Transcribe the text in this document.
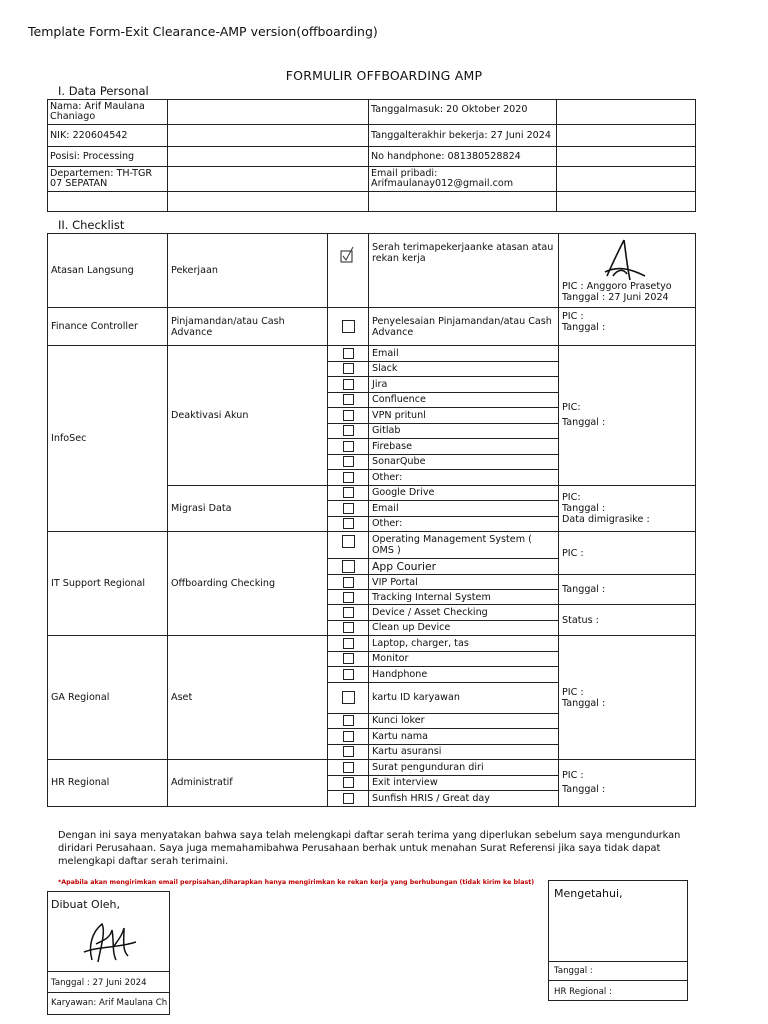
Template Form-Exit Clearance-AMP version(offboarding)
FORMULIR OFFBOARDING AMP
I. Data Personal
Nama: Arif Maulana Chaniago		Tanggalmasuk: 20 Oktober 2020	
NIK: 220604542		Tanggalterakhir bekerja: 27 Juni 2024	
Posisi: Processing		No handphone: 081380528824	
Departemen: TH-TGR 07 SEPATAN		Email pribadi: Arifmaulanay012@gmail.com	

II. Checklist
Atasan Langsung	Pekerjaan		Serah terimapekerjaanke atasan atau rekan kerja	PIC : Anggoro Prasetyo
Tanggal : 27 Juni 2024

Finance Controller	Pinjamandan/atau Cash Advance		Penyelesaian Pinjamandan/atau Cash Advance	PIC :
Tanggal :

InfoSec	Deaktivasi Akun		Email	PIC:
Tanggal :

			Slack	

			Jira	

			Confluence	

			VPN pritunl	

			Gitlab	

			Firebase	

			SonarQube	

			Other:	
	Migrasi Data		Google Drive	PIC:
Tanggal :
Data dimigrasike :

			Email	

			Other:	
IT Support Regional	Offboarding Checking		Operating Management System ( OMS )	PIC :

			App Courier	

			VIP Portal	Tanggal :

			Tracking Internal System	

			Device / Asset Checking	Status :

			Clean up Device	
GA Regional	Aset		Laptop, charger, tas	PIC :
Tanggal :

			Monitor	

			Handphone	

			kartu ID karyawan	

			Kunci loker	

			Kartu nama	

			Kartu asuransi	
HR Regional	Administratif		Surat pengunduran diri	PIC :
Tanggal :

			Exit interview	

			Sunfish HRIS / Great day	
Dengan ini saya menyatakan bahwa saya telah melengkapi daftar serah terima yang diperlukan sebelum saya mengundurkan diridari Perusahaan. Saya juga memahamibahwa Perusahaan berhak untuk menahan Surat Referensi jika saya tidak dapat melengkapi daftar serah terimaini.
*Apabila akan mengirimkan email perpisahan,diharapkan hanya mengirimkan ke rekan kerja yang berhubungan (tidak kirim ke blast)
Dibuat Oleh,
Tanggal : 27 Juni 2024
Karyawan: Arif Maulana Ch
Mengetahui,
Tanggal :
HR Regional :
